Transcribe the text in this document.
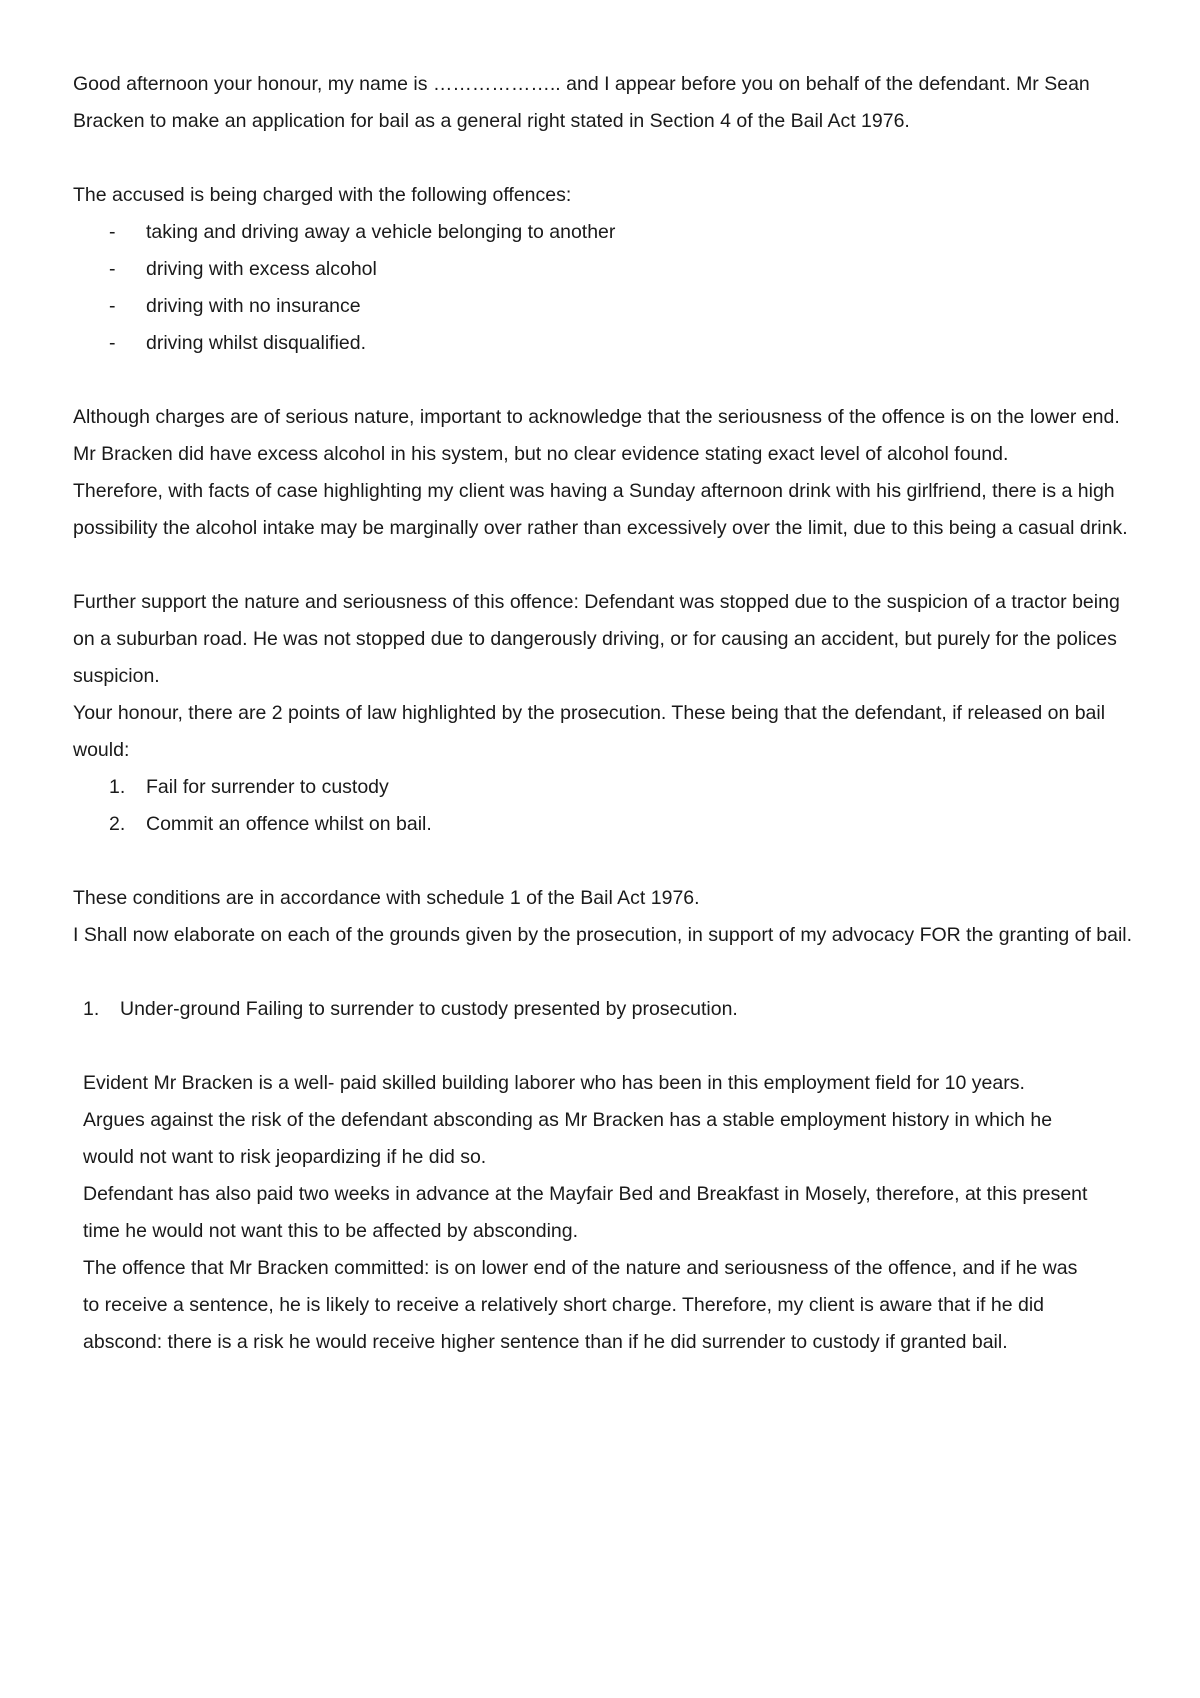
Good afternoon your honour, my name is ……………….. and I appear before you on behalf of the defendant. Mr Sean Bracken to make an application for bail as a general right stated in Section 4 of the Bail Act 1976.

The accused is being charged with the following offences:

- taking and driving away a vehicle belonging to another
- driving with excess alcohol
- driving with no insurance
- driving whilst disqualified.

Although charges are of serious nature, important to acknowledge that the seriousness of the offence is on the lower end.

Mr Bracken did have excess alcohol in his system, but no clear evidence stating exact level of alcohol found.

Therefore, with facts of case highlighting my client was having a Sunday afternoon drink with his girlfriend, there is a high possibility the alcohol intake may be marginally over rather than excessively over the limit, due to this being a casual drink.

Further support the nature and seriousness of this offence: Defendant was stopped due to the suspicion of a tractor being on a suburban road. He was not stopped due to dangerously driving, or for causing an accident, but purely for the polices suspicion.

Your honour, there are 2 points of law highlighted by the prosecution. These being that the defendant, if released on bail would:

1. Fail for surrender to custody
2. Commit an offence whilst on bail.

These conditions are in accordance with schedule 1 of the Bail Act 1976.

I Shall now elaborate on each of the grounds given by the prosecution, in support of my advocacy FOR the granting of bail.

1. Under-ground Failing to surrender to custody presented by prosecution.

Evident Mr Bracken is a well- paid skilled building laborer who has been in this employment field for 10 years.

Argues against the risk of the defendant absconding as Mr Bracken has a stable employment history in which he would not want to risk jeopardizing if he did so.

Defendant has also paid two weeks in advance at the Mayfair Bed and Breakfast in Mosely, therefore, at this present time he would not want this to be affected by absconding.

The offence that Mr Bracken committed: is on lower end of the nature and seriousness of the offence, and if he was to receive a sentence, he is likely to receive a relatively short charge. Therefore, my client is aware that if he did abscond: there is a risk he would receive higher sentence than if he did surrender to custody if granted bail.
